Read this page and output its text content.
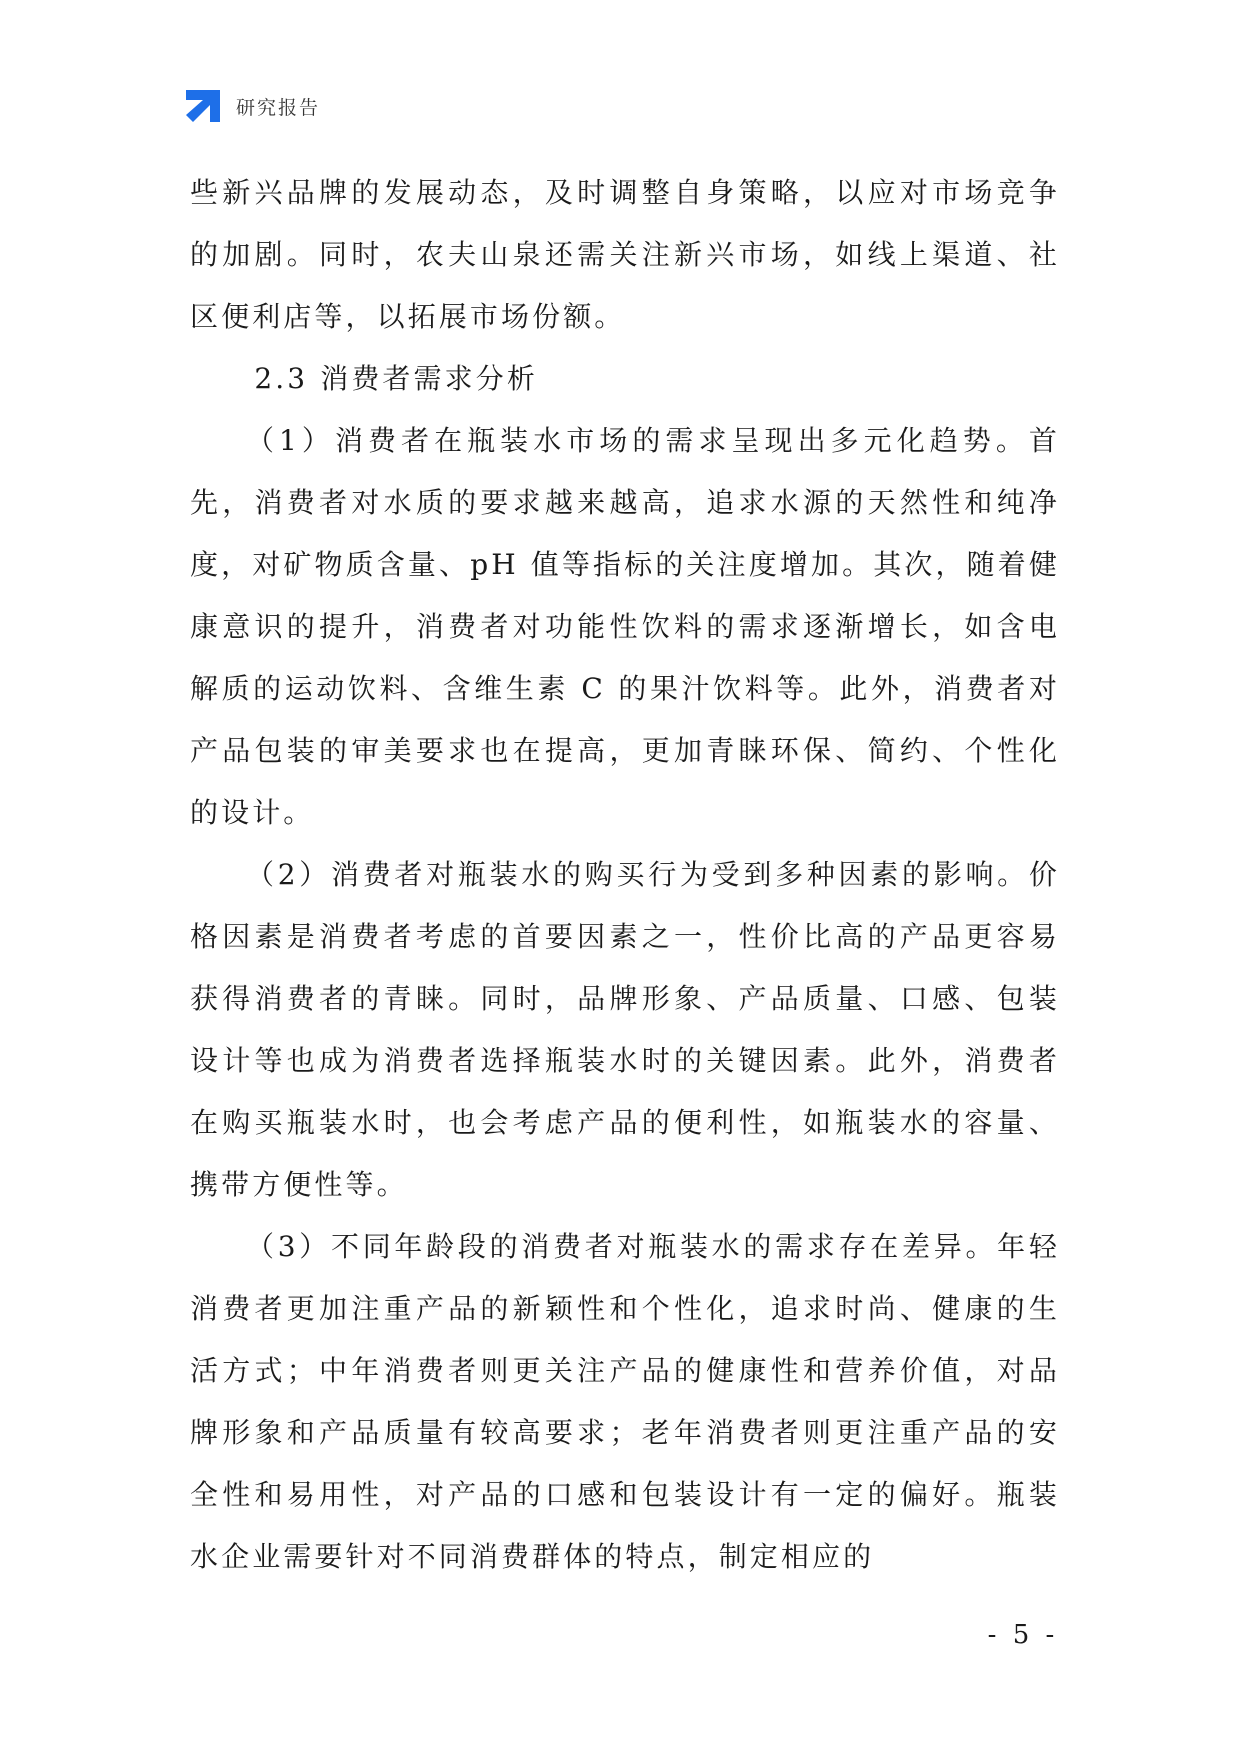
研究报告

些新兴品牌的发展动态，及时调整自身策略，以应对市场竞争的加剧。同时，农夫山泉还需关注新兴市场，如线上渠道、社区便利店等，以拓展市场份额。

2.3 消费者需求分析

（1）消费者在瓶装水市场的需求呈现出多元化趋势。首先，消费者对水质的要求越来越高，追求水源的天然性和纯净度，对矿物质含量、pH 值等指标的关注度增加。其次，随着健康意识的提升，消费者对功能性饮料的需求逐渐增长，如含电解质的运动饮料、含维生素 C 的果汁饮料等。此外，消费者对产品包装的审美要求也在提高，更加青睐环保、简约、个性化的设计。

（2）消费者对瓶装水的购买行为受到多种因素的影响。价格因素是消费者考虑的首要因素之一，性价比高的产品更容易获得消费者的青睐。同时，品牌形象、产品质量、口感、包装设计等也成为消费者选择瓶装水时的关键因素。此外，消费者在购买瓶装水时，也会考虑产品的便利性，如瓶装水的容量、携带方便性等。

（3）不同年龄段的消费者对瓶装水的需求存在差异。年轻消费者更加注重产品的新颖性和个性化，追求时尚、健康的生活方式；中年消费者则更关注产品的健康性和营养价值，对品牌形象和产品质量有较高要求；老年消费者则更注重产品的安全性和易用性，对产品的口感和包装设计有一定的偏好。瓶装水企业需要针对不同消费群体的特点，制定相应的

- 5 -
